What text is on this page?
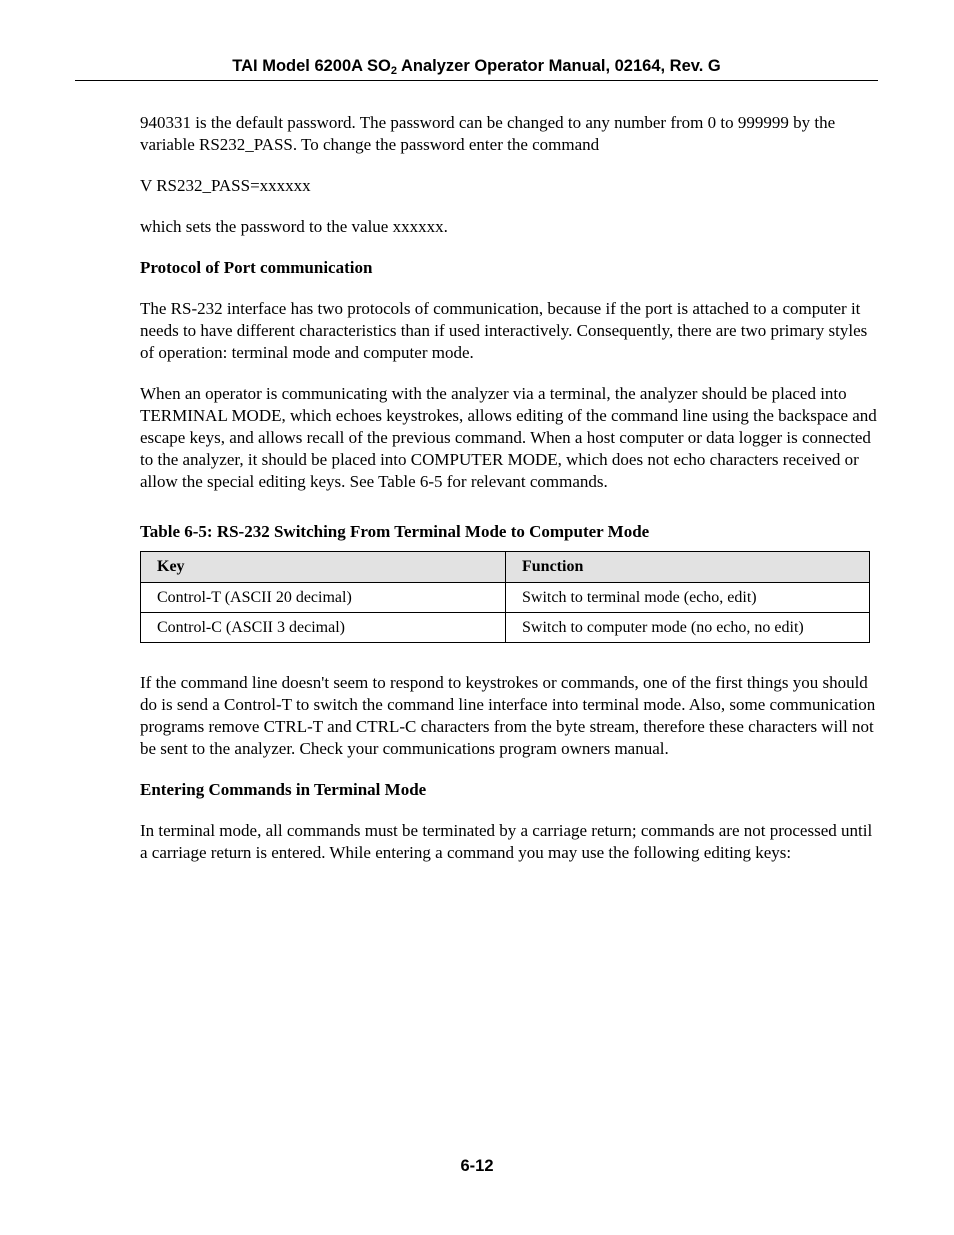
TAI Model 6200A $SO_2$ Analyzer Operator Manual, 02164, Rev. G

940331 is the default password. The password can be changed to any number from 0 to 999999 by the variable RS232_PASS. To change the password enter the command

V RS232_PASS=xxxxxx

which sets the password to the value xxxxxx.

Protocol of Port communication

The RS-232 interface has two protocols of communication, because if the port is attached to a computer it needs to have different characteristics than if used interactively. Consequently, there are two primary styles of operation: terminal mode and computer mode.

When an operator is communicating with the analyzer via a terminal, the analyzer should be placed into TERMINAL MODE, which echoes keystrokes, allows editing of the command line using the backspace and escape keys, and allows recall of the previous command. When a host computer or data logger is connected to the analyzer, it should be placed into COMPUTER MODE, which does not echo characters received or allow the special editing keys. See Table 6-5 for relevant commands.

Table 6-5: RS-232 Switching From Terminal Mode to Computer Mode
Key	Function
Control-T (ASCII 20 decimal)	Switch to terminal mode (echo, edit)
Control-C (ASCII 3 decimal)	Switch to computer mode (no echo, no edit)

If the command line doesn't seem to respond to keystrokes or commands, one of the first things you should do is send a Control-T to switch the command line interface into terminal mode. Also, some communication programs remove CTRL-T and CTRL-C characters from the byte stream, therefore these characters will not be sent to the analyzer. Check your communications program owners manual.

Entering Commands in Terminal Mode

In terminal mode, all commands must be terminated by a carriage return; commands are not processed until a carriage return is entered. While entering a command you may use the following editing keys:

6-12
